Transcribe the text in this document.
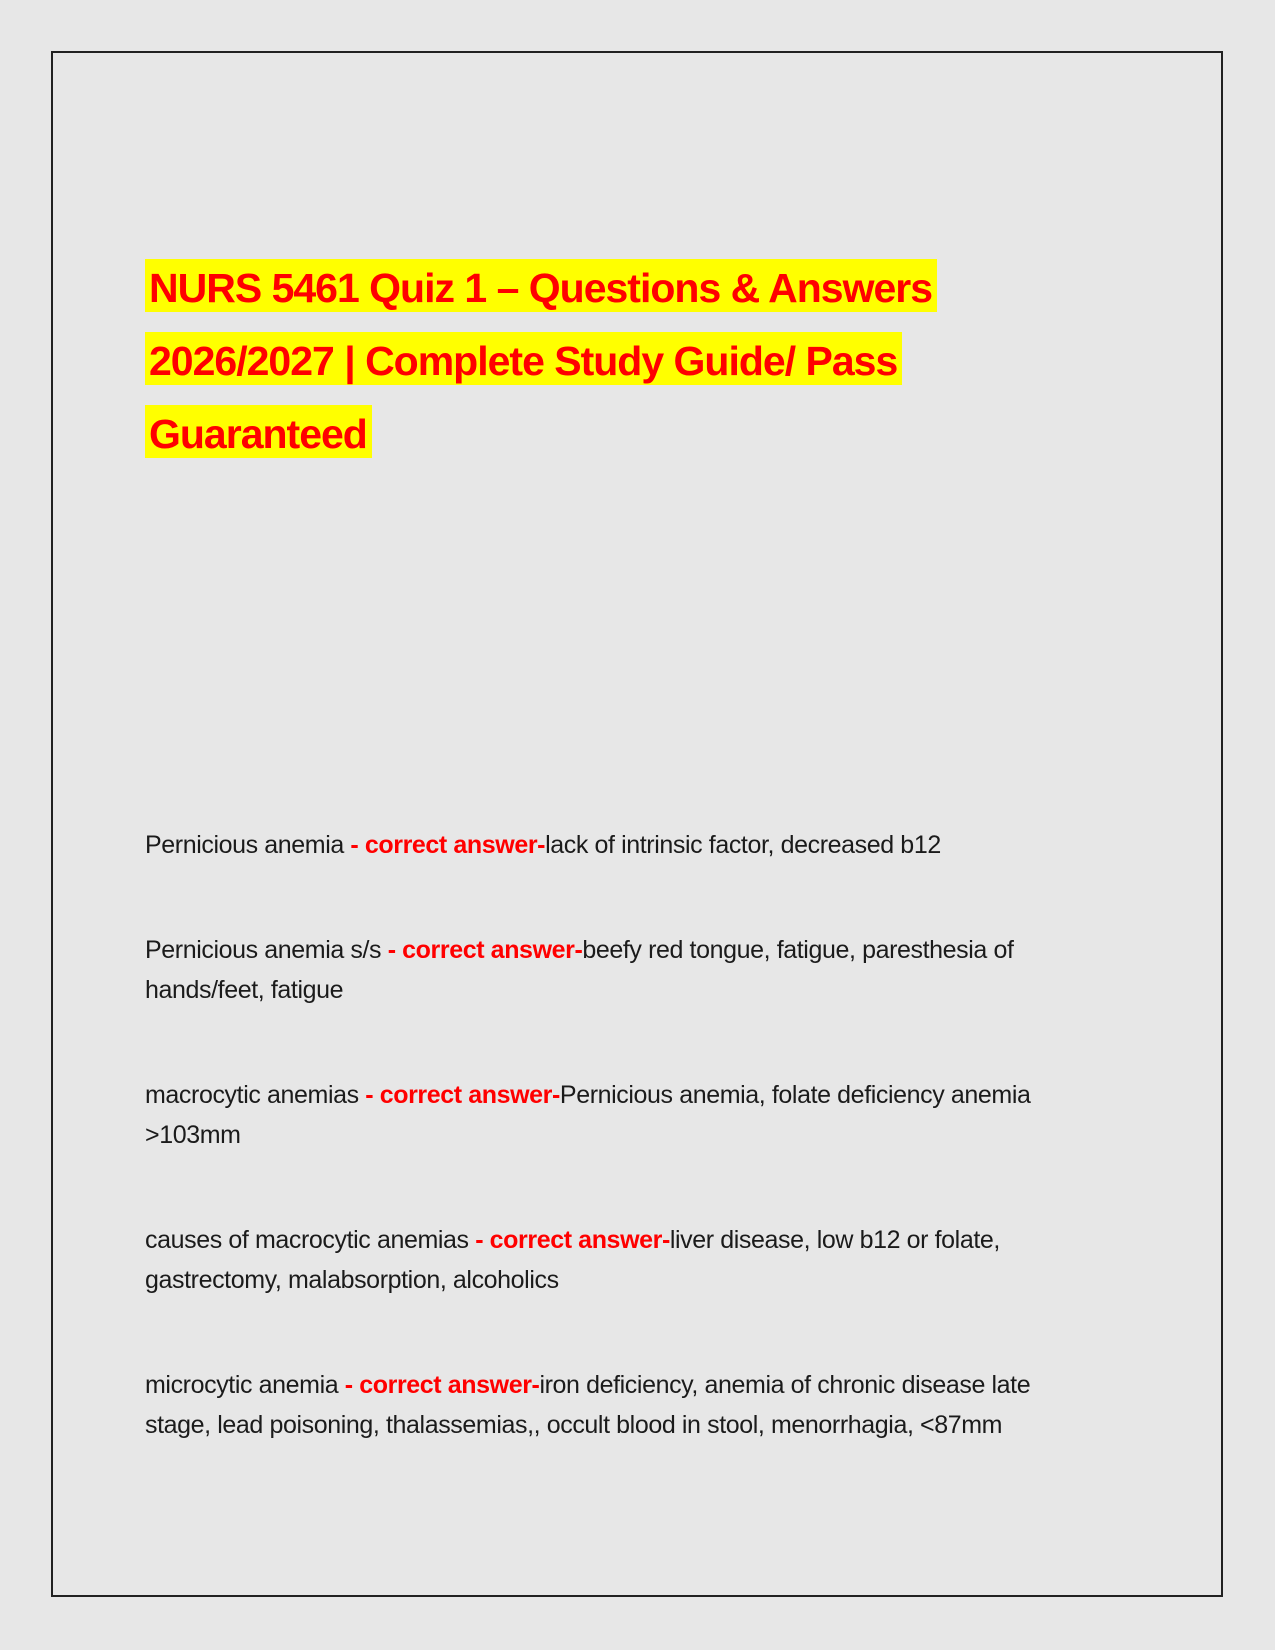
NURS 5461 Quiz 1 – Questions & Answers
2026/2027 | Complete Study Guide/ Pass
Guaranteed

Pernicious anemia - correct answer-lack of intrinsic factor, decreased b12

Pernicious anemia s/s - correct answer-beefy red tongue, fatigue, paresthesia of
hands/feet, fatigue

macrocytic anemias - correct answer-Pernicious anemia, folate deficiency anemia
>103mm

causes of macrocytic anemias - correct answer-liver disease, low b12 or folate,
gastrectomy, malabsorption, alcoholics

microcytic anemia - correct answer-iron deficiency, anemia of chronic disease late
stage, lead poisoning, thalassemias,, occult blood in stool, menorrhagia, <87mm
